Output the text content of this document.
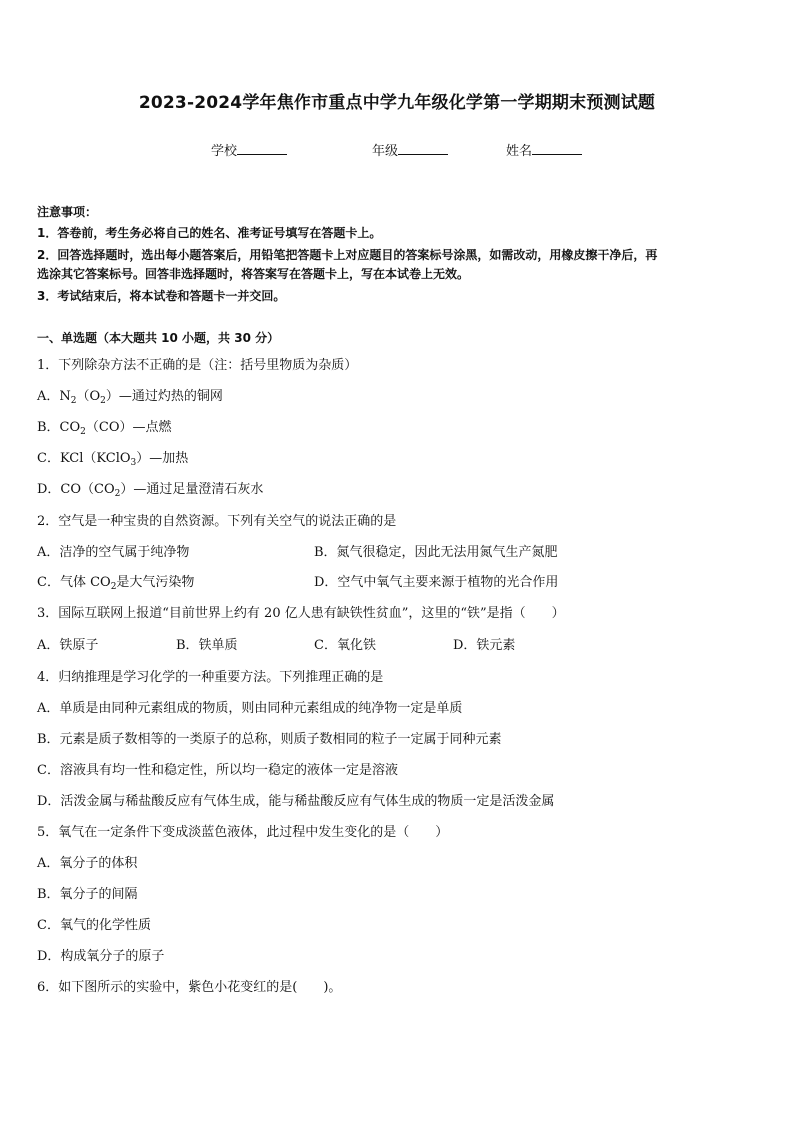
2023-2024学年焦作市重点中学九年级化学第一学期期末预测试题
学校	年级	姓名
注意事项：
1．答卷前，考生务必将自己的姓名、准考证号填写在答题卡上。
2．回答选择题时，选出每小题答案后，用铅笔把答题卡上对应题目的答案标号涂黑，如需改动，用橡皮擦干净后，再
选涂其它答案标号。回答非选择题时，将答案写在答题卡上，写在本试卷上无效。
3．考试结束后，将本试卷和答题卡一并交回。
一、单选题（本大题共 10 小题，共 30 分）
1．下列除杂方法不正确的是（注：括号里物质为杂质）
A．$N_2(O_2)—$通过灼热的铜网
B．$CO_2(CO)—$点燃
C．KCl（KClO$_3$）—加热
D．$CO(CO_2)—$通过足量澄清石灰水
2．空气是一种宝贵的自然资源。下列有关空气的说法正确的是
A．洁净的空气属于纯净物	B．氮气很稳定，因此无法用氮气生产氮肥
C．气体 $CO_2$是大气污染物	D．空气中氧气主要来源于植物的光合作用
3．国际互联网上报道“目前世界上约有 20 亿人患有缺铁性贫血”，这里的“铁”是指（　　）
A．铁原子	B．铁单质	C．氧化铁	D．铁元素
4．归纳推理是学习化学的一种重要方法。下列推理正确的是
A．单质是由同种元素组成的物质，则由同种元素组成的纯净物一定是单质
B．元素是质子数相等的一类原子的总称，则质子数相同的粒子一定属于同种元素
C．溶液具有均一性和稳定性，所以均一稳定的液体一定是溶液
D．活泼金属与稀盐酸反应有气体生成，能与稀盐酸反应有气体生成的物质一定是活泼金属
5．氧气在一定条件下变成淡蓝色液体，此过程中发生变化的是（　　）
A．氧分子的体积
B．氧分子的间隔
C．氧气的化学性质
D．构成氧分子的原子
6．如下图所示的实验中，紫色小花变红的是(　　)。
